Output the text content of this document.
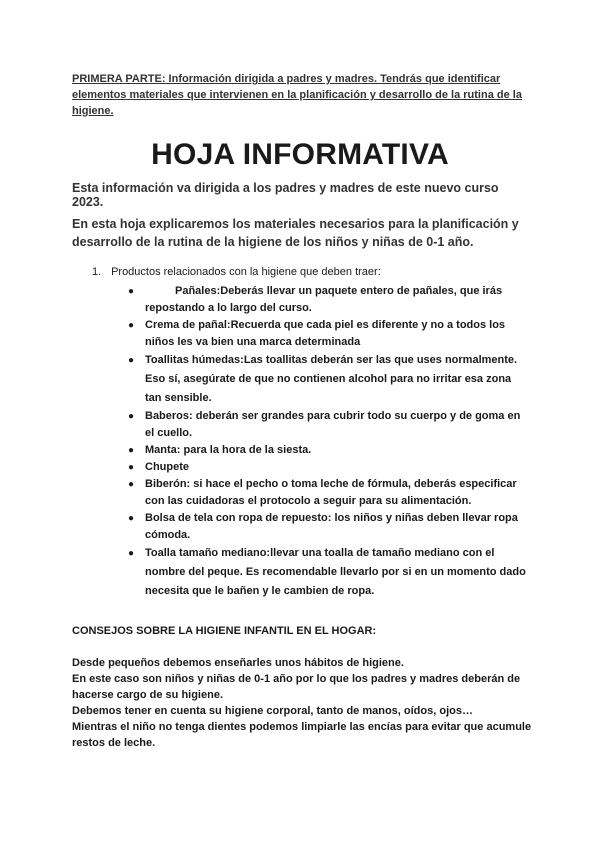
PRIMERA PARTE: Información dirigida a padres y madres. Tendrás que identificar elementos materiales que intervienen en la planificación y desarrollo de la rutina de la higiene.
HOJA INFORMATIVA
Esta información va dirigida a los padres y madres de este nuevo curso 2023.
En esta hoja explicaremos los materiales necesarios para la planificación y desarrollo de la rutina de la higiene de los niños y niñas de 0-1 año.
1. Productos relacionados con la higiene que deben traer:
●	Pañales:Deberás llevar un paquete entero de pañales, que irás repostando a lo largo del curso.
● Crema de pañal:Recuerda que cada piel es diferente y no a todos los niños les va bien una marca determinada
● Toallitas húmedas:Las toallitas deberán ser las que uses normalmente. Eso sí, asegúrate de que no contienen alcohol para no irritar esa zona tan sensible.
● Baberos: deberán ser grandes para cubrir todo su cuerpo y de goma en el cuello.
● Manta: para la hora de la siesta.
● Chupete
● Biberón: si hace el pecho o toma leche de fórmula, deberás especificar con las cuidadoras el protocolo a seguir para su alimentación.
● Bolsa de tela con ropa de repuesto: los niños y niñas deben llevar ropa cómoda.
● Toalla tamaño mediano:llevar una toalla de tamaño mediano con el nombre del peque. Es recomendable llevarlo por si en un momento dado necesita que le bañen y le cambien de ropa.
CONSEJOS SOBRE LA HIGIENE INFANTIL EN EL HOGAR:
Desde pequeños debemos enseñarles unos hábitos de higiene.
En este caso son niños y niñas de 0-1 año por lo que los padres y madres deberán de hacerse cargo de su higiene.
Debemos tener en cuenta su higiene corporal, tanto de manos, oídos, ojos…
Mientras el niño no tenga dientes podemos limpiarle las encías para evitar que acumule restos de leche.
